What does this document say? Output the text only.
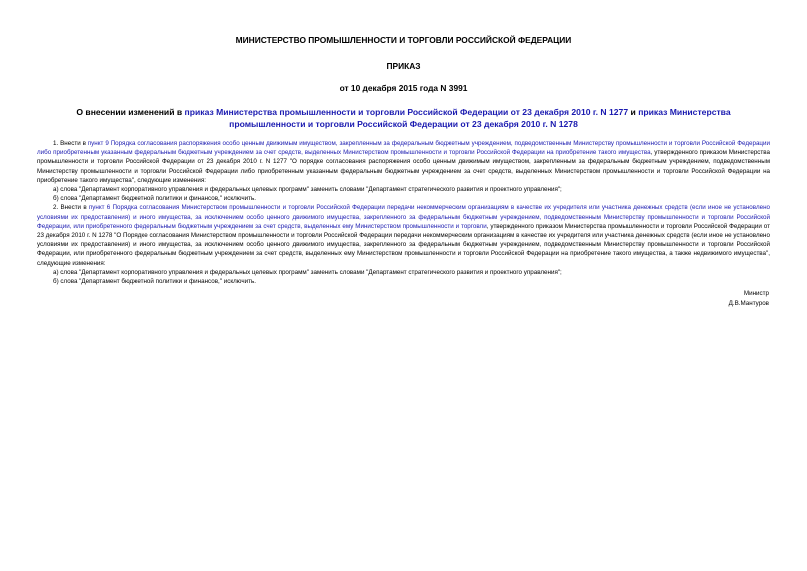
МИНИСТЕРСТВО ПРОМЫШЛЕННОСТИ И ТОРГОВЛИ РОССИЙСКОЙ ФЕДЕРАЦИИ
ПРИКАЗ
от 10 декабря 2015 года N 3991
О внесении изменений в приказ Министерства промышленности и торговли Российской Федерации от 23 декабря 2010 г. N 1277 и приказ Министерства промышленности и торговли Российской Федерации от 23 декабря 2010 г. N 1278

1. Внести в пункт 9 Порядка согласования распоряжения особо ценным движимым имуществом, закрепленным за федеральным бюджетным учреждением, подведомственным Министерству промышленности и торговли Российской Федерации либо приобретенным указанным федеральным бюджетным учреждением за счет средств, выделенных Министерством промышленности и торговли Российской Федерации на приобретение такого имущества, утвержденного приказом Министерства промышленности и торговли Российской Федерации от 23 декабря 2010 г. N 1277 "О порядке согласования распоряжения особо ценным движимым имуществом, закрепленным за федеральным бюджетным учреждением, подведомственным Министерству промышленности и торговли Российской Федерации либо приобретенным указанным федеральным бюджетным учреждением за счет средств, выделенных Министерством промышленности и торговли Российской Федерации на приобретение такого имущества", следующие изменения:

а) слова "Департамент корпоративного управления и федеральных целевых программ" заменить словами "Департамент стратегического развития и проектного управления";

б) слова "Департамент бюджетной политики и финансов," исключить.

2. Внести в пункт 6 Порядка согласования Министерством промышленности и торговли Российской Федерации передачи некоммерческим организациям в качестве их учредителя или участника денежных средств (если иное не установлено условиями их предоставления) и иного имущества, за исключением особо ценного движимого имущества, закрепленного за федеральным бюджетным учреждением, подведомственным Министерству промышленности и торговли Российской Федерации, или приобретенного федеральным бюджетным учреждением за счет средств, выделенных ему Министерством промышленности и торговли, утвержденного приказом Министерства промышленности и торговли Российской Федерации от 23 декабря 2010 г. N 1278 "О Порядке согласования Министерством промышленности и торговли Российской Федерации передачи некоммерческим организациям в качестве их учредителя или участника денежных средств (если иное не установлено условиями их предоставления) и иного имущества, за исключением особо ценного движимого имущества, закрепленного за федеральным бюджетным учреждением, подведомственным Министерству промышленности и торговли Российской Федерации, или приобретенного федеральным бюджетным учреждением за счет средств, выделенных ему Министерством промышленности и торговли Российской Федерации на приобретение такого имущества, а также недвижимого имущества", следующие изменения:

а) слова "Департамент корпоративного управления и федеральных целевых программ" заменить словами "Департамент стратегического развития и проектного управления";

б) слова "Департамент бюджетной политики и финансов," исключить.

Министр
Д.В.Мантуров
